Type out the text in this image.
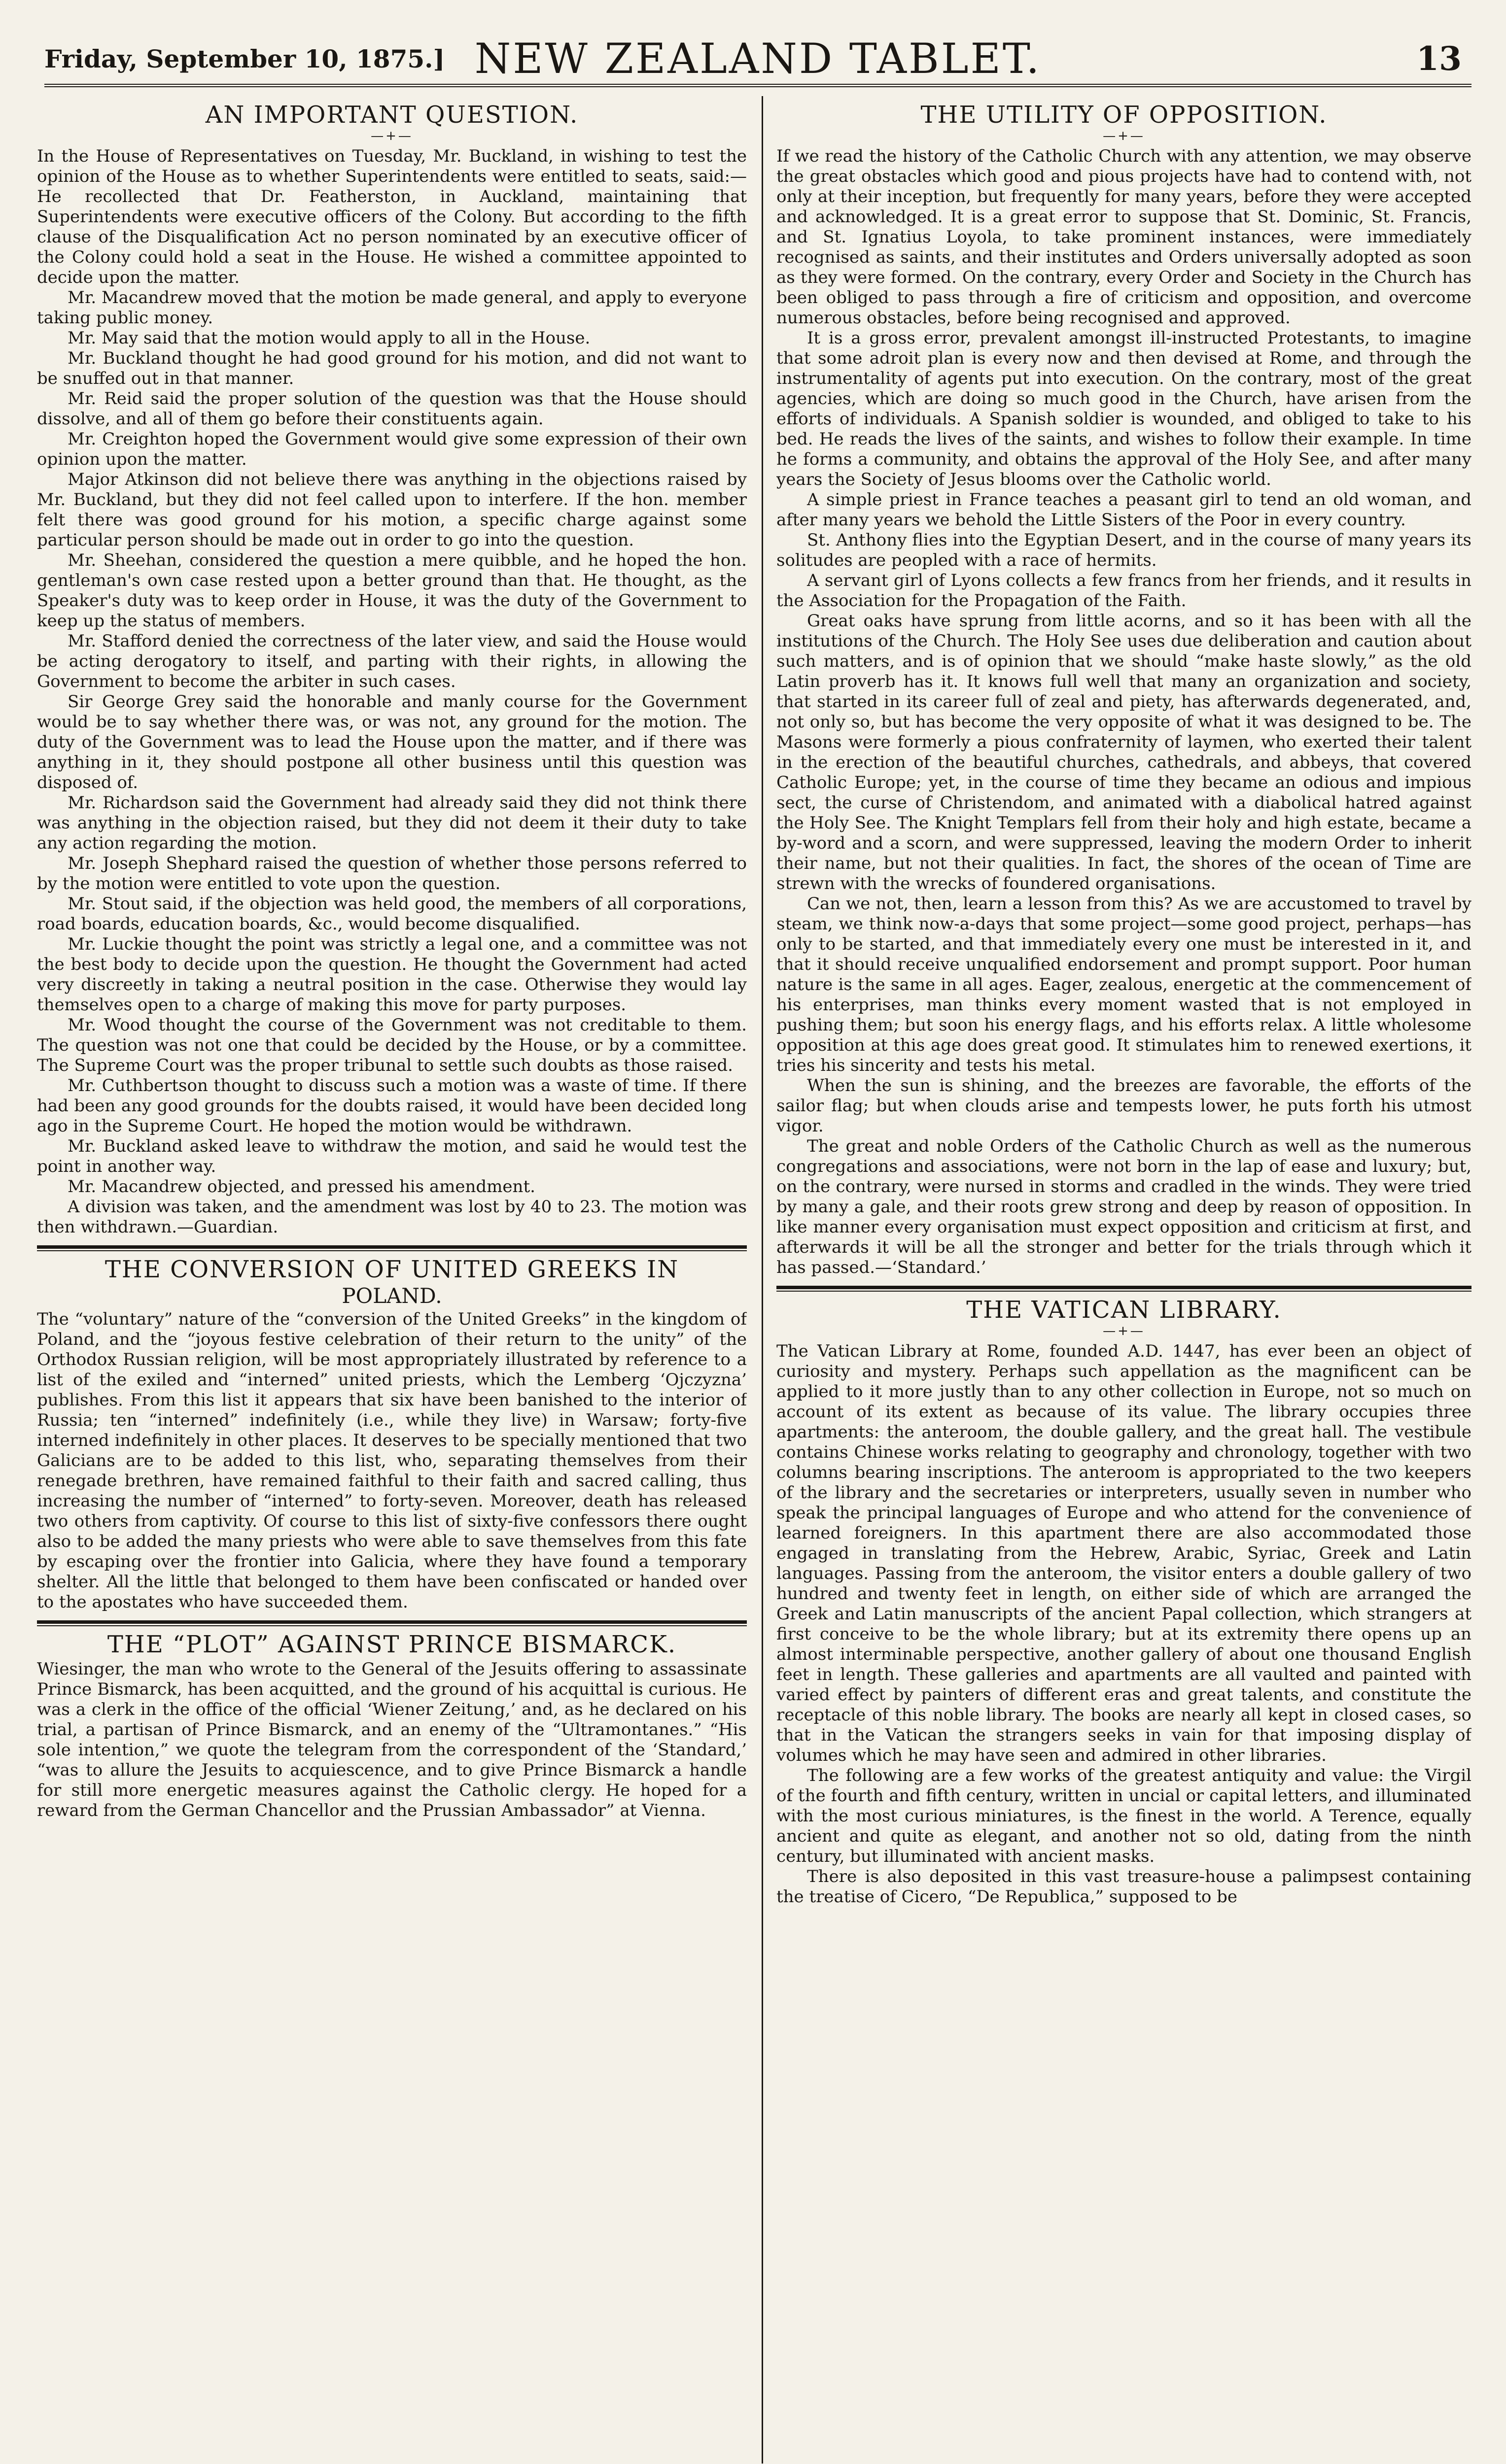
Friday, September 10, 1875.] NEW ZEALAND TABLET.	13
AN IMPORTANT QUESTION.
—+—

In the House of Representatives on Tuesday, Mr. Buckland, in wishing to test the opinion of the House as to whether Superintendents were entitled to seats, said:—He recollected that Dr. Featherston, in Auckland, maintaining that Superintendents were executive officers of the Colony. But according to the fifth clause of the Disqualification Act no person nominated by an executive officer of the Colony could hold a seat in the House. He wished a committee appointed to decide upon the matter.

Mr. Macandrew moved that the motion be made general, and apply to everyone taking public money.

Mr. May said that the motion would apply to all in the House.

Mr. Buckland thought he had good ground for his motion, and did not want to be snuffed out in that manner.

Mr. Reid said the proper solution of the question was that the House should dissolve, and all of them go before their constituents again.

Mr. Creighton hoped the Government would give some expression of their own opinion upon the matter.

Major Atkinson did not believe there was anything in the objections raised by Mr. Buckland, but they did not feel called upon to interfere. If the hon. member felt there was good ground for his motion, a specific charge against some particular person should be made out in order to go into the question.

Mr. Sheehan, considered the question a mere quibble, and he hoped the hon. gentleman's own case rested upon a better ground than that. He thought, as the Speaker's duty was to keep order in House, it was the duty of the Government to keep up the status of members.

Mr. Stafford denied the correctness of the later view, and said the House would be acting derogatory to itself, and parting with their rights, in allowing the Government to become the arbiter in such cases.

Sir George Grey said the honorable and manly course for the Government would be to say whether there was, or was not, any ground for the motion. The duty of the Government was to lead the House upon the matter, and if there was anything in it, they should postpone all other business until this question was disposed of.

Mr. Richardson said the Government had already said they did not think there was anything in the objection raised, but they did not deem it their duty to take any action regarding the motion.

Mr. Joseph Shephard raised the question of whether those persons referred to by the motion were entitled to vote upon the question.

Mr. Stout said, if the objection was held good, the members of all corporations, road boards, education boards, &c., would become disqualified.

Mr. Luckie thought the point was strictly a legal one, and a committee was not the best body to decide upon the question. He thought the Government had acted very discreetly in taking a neutral position in the case. Otherwise they would lay themselves open to a charge of making this move for party purposes.

Mr. Wood thought the course of the Government was not creditable to them. The question was not one that could be decided by the House, or by a committee. The Supreme Court was the proper tribunal to settle such doubts as those raised.

Mr. Cuthbertson thought to discuss such a motion was a waste of time. If there had been any good grounds for the doubts raised, it would have been decided long ago in the Supreme Court. He hoped the motion would be withdrawn.

Mr. Buckland asked leave to withdraw the motion, and said he would test the point in another way.

Mr. Macandrew objected, and pressed his amendment.

A division was taken, and the amendment was lost by 40 to 23. The motion was then withdrawn.—Guardian.

THE CONVERSION OF UNITED GREEKS IN
POLAND.

The “voluntary” nature of the “conversion of the United Greeks” in the kingdom of Poland, and the “joyous festive celebration of their return to the unity” of the Orthodox Russian religion, will be most appropriately illustrated by reference to a list of the exiled and “interned” united priests, which the Lemberg ‘Ojczyzna’ publishes. From this list it appears that six have been banished to the interior of Russia; ten “interned” indefinitely (i.e., while they live) in Warsaw; forty-five interned indefinitely in other places. It deserves to be specially mentioned that two Galicians are to be added to this list, who, separating themselves from their renegade brethren, have remained faithful to their faith and sacred calling, thus increasing the number of “interned” to forty-seven. Moreover, death has released two others from captivity. Of course to this list of sixty-five confessors there ought also to be added the many priests who were able to save themselves from this fate by escaping over the frontier into Galicia, where they have found a temporary shelter. All the little that belonged to them have been confiscated or handed over to the apostates who have succeeded them.

THE “PLOT” AGAINST PRINCE BISMARCK.

Wiesinger, the man who wrote to the General of the Jesuits offering to assassinate Prince Bismarck, has been acquitted, and the ground of his acquittal is curious. He was a clerk in the office of the official ‘Wiener Zeitung,’ and, as he declared on his trial, a partisan of Prince Bismarck, and an enemy of the “Ultramontanes.” “His sole intention,” we quote the telegram from the correspondent of the ‘Standard,’ “was to allure the Jesuits to acquiescence, and to give Prince Bismarck a handle for still more energetic measures against the Catholic clergy. He hoped for a reward from the German Chancellor and the Prussian Ambassador” at Vienna.

THE UTILITY OF OPPOSITION.
—+—

If we read the history of the Catholic Church with any attention, we may observe the great obstacles which good and pious projects have had to contend with, not only at their inception, but frequently for many years, before they were accepted and acknowledged. It is a great error to suppose that St. Dominic, St. Francis, and St. Ignatius Loyola, to take prominent instances, were immediately recognised as saints, and their institutes and Orders universally adopted as soon as they were formed. On the contrary, every Order and Society in the Church has been obliged to pass through a fire of criticism and opposition, and overcome numerous obstacles, before being recognised and approved.

It is a gross error, prevalent amongst ill-instructed Protestants, to imagine that some adroit plan is every now and then devised at Rome, and through the instrumentality of agents put into execution. On the contrary, most of the great agencies, which are doing so much good in the Church, have arisen from the efforts of individuals. A Spanish soldier is wounded, and obliged to take to his bed. He reads the lives of the saints, and wishes to follow their example. In time he forms a community, and obtains the approval of the Holy See, and after many years the Society of Jesus blooms over the Catholic world.

A simple priest in France teaches a peasant girl to tend an old woman, and after many years we behold the Little Sisters of the Poor in every country.

St. Anthony flies into the Egyptian Desert, and in the course of many years its solitudes are peopled with a race of hermits.

A servant girl of Lyons collects a few francs from her friends, and it results in the Association for the Propagation of the Faith.

Great oaks have sprung from little acorns, and so it has been with all the institutions of the Church. The Holy See uses due deliberation and caution about such matters, and is of opinion that we should “make haste slowly,” as the old Latin proverb has it. It knows full well that many an organization and society, that started in its career full of zeal and piety, has afterwards degenerated, and, not only so, but has become the very opposite of what it was designed to be. The Masons were formerly a pious confraternity of laymen, who exerted their talent in the erection of the beautiful churches, cathedrals, and abbeys, that covered Catholic Europe; yet, in the course of time they became an odious and impious sect, the curse of Christendom, and animated with a diabolical hatred against the Holy See. The Knight Templars fell from their holy and high estate, became a by-word and a scorn, and were suppressed, leaving the modern Order to inherit their name, but not their qualities. In fact, the shores of the ocean of Time are strewn with the wrecks of foundered organisations.

Can we not, then, learn a lesson from this? As we are accustomed to travel by steam, we think now-a-days that some project—some good project, perhaps—has only to be started, and that immediately every one must be interested in it, and that it should receive unqualified endorsement and prompt support. Poor human nature is the same in all ages. Eager, zealous, energetic at the commencement of his enterprises, man thinks every moment wasted that is not employed in pushing them; but soon his energy flags, and his efforts relax. A little wholesome opposition at this age does great good. It stimulates him to renewed exertions, it tries his sincerity and tests his metal.

When the sun is shining, and the breezes are favorable, the efforts of the sailor flag; but when clouds arise and tempests lower, he puts forth his utmost vigor.

The great and noble Orders of the Catholic Church as well as the numerous congregations and associations, were not born in the lap of ease and luxury; but, on the contrary, were nursed in storms and cradled in the winds. They were tried by many a gale, and their roots grew strong and deep by reason of opposition. In like manner every organisation must expect opposition and criticism at first, and afterwards it will be all the stronger and better for the trials through which it has passed.—‘Standard.’

THE VATICAN LIBRARY.
—+—

The Vatican Library at Rome, founded A.D. 1447, has ever been an object of curiosity and mystery. Perhaps such appellation as the magnificent can be applied to it more justly than to any other collection in Europe, not so much on account of its extent as because of its value. The library occupies three apartments: the anteroom, the double gallery, and the great hall. The vestibule contains Chinese works relating to geography and chronology, together with two columns bearing inscriptions. The anteroom is appropriated to the two keepers of the library and the secretaries or interpreters, usually seven in number who speak the principal languages of Europe and who attend for the convenience of learned foreigners. In this apartment there are also accommodated those engaged in translating from the Hebrew, Arabic, Syriac, Greek and Latin languages. Passing from the anteroom, the visitor enters a double gallery of two hundred and twenty feet in length, on either side of which are arranged the Greek and Latin manuscripts of the ancient Papal collection, which strangers at first conceive to be the whole library; but at its extremity there opens up an almost interminable perspective, another gallery of about one thousand English feet in length. These galleries and apartments are all vaulted and painted with varied effect by painters of different eras and great talents, and constitute the receptacle of this noble library. The books are nearly all kept in closed cases, so that in the Vatican the strangers seeks in vain for that imposing display of volumes which he may have seen and admired in other libraries.

The following are a few works of the greatest antiquity and value: the Virgil of the fourth and fifth century, written in uncial or capital letters, and illuminated with the most curious miniatures, is the finest in the world. A Terence, equally ancient and quite as elegant, and another not so old, dating from the ninth century, but illuminated with ancient masks.

There is also deposited in this vast treasure-house a palimpsest containing the treatise of Cicero, “De Republica,” supposed to be
